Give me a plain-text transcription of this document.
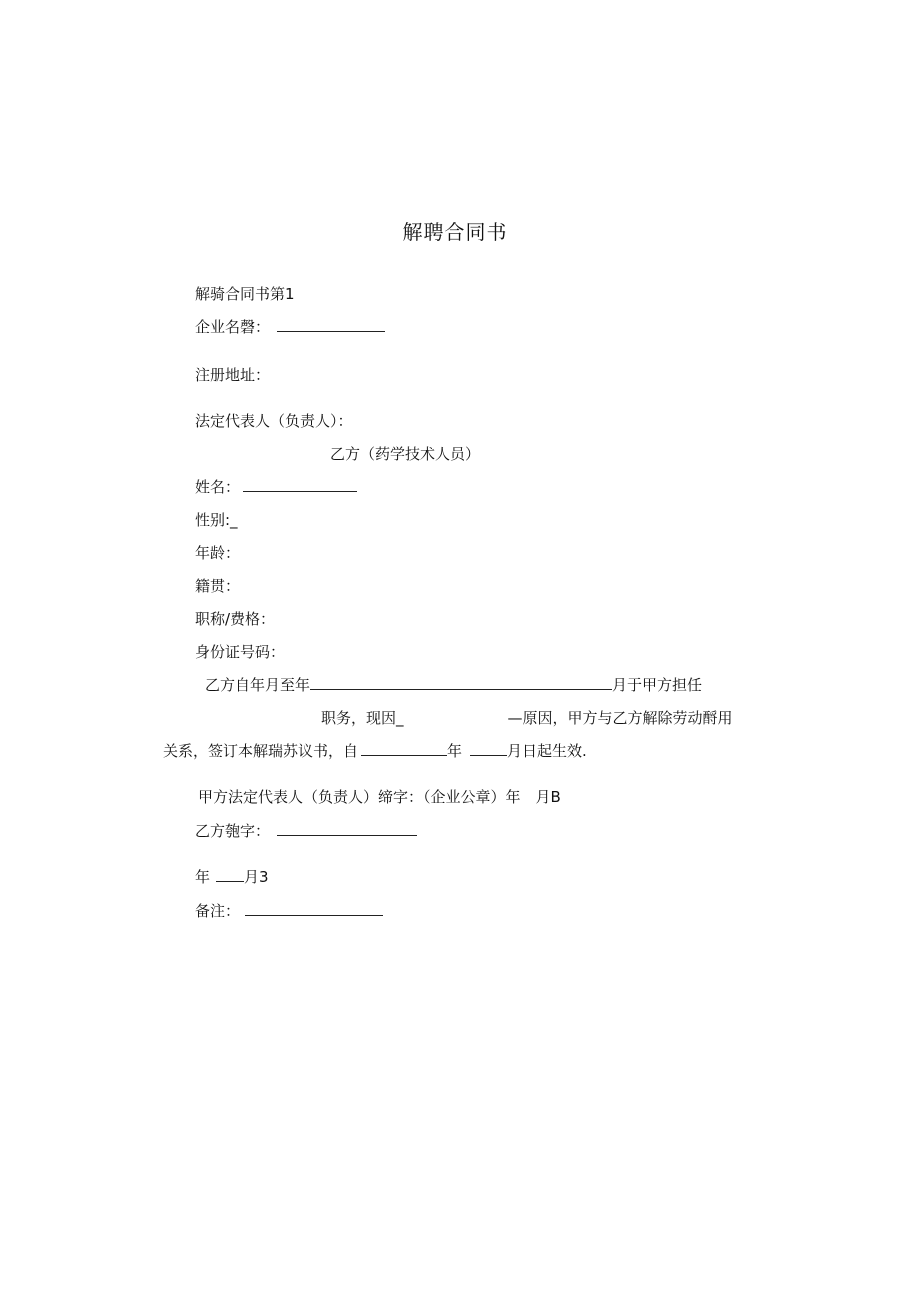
解聘合同书
解骑合同书第1
企业名磬：
注册地址：
法定代表人（负责人）：
乙方（药学技术人员）
姓名：
性别:_
年龄：
籍贯：
职称/费格：
身份证号码：
乙方自年月至年	月于甲方担任
职务，现因_	—原因，甲方与乙方解除劳动酹用
关系，签订本解瑞苏议书，自	年	月日起生效.
甲方法定代表人（负责人）缔字：（企业公章）年　月B
乙方匏字：
年 月3
备注：
